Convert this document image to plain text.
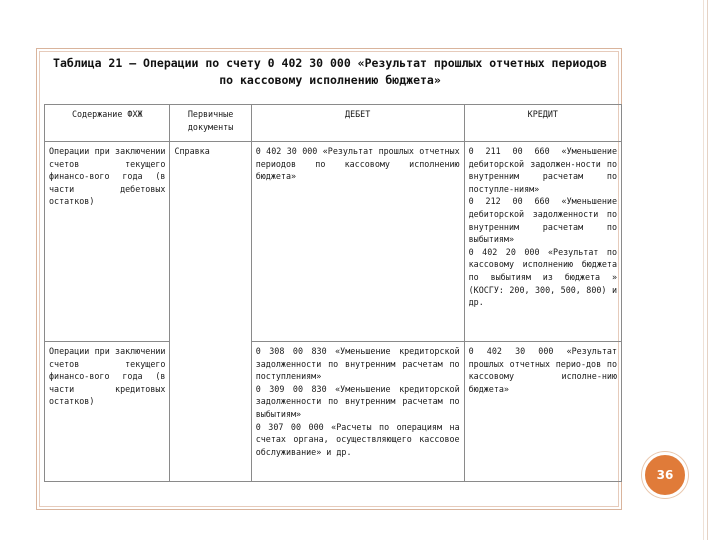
Таблица 21 – Операции по счету 0 402 30 000 «Результат прошлых отчетных периодов по кассовому исполнению бюджета»
Содержание ФХЖ	Первичные документы	ДЕБЕТ	КРЕДИТ
Операции при заключении счетов текущего финансо-вого года (в части дебетовых остатков)	Справка	0 402 30 000 «Результат прошлых отчетных периодов по кассовому исполнению бюджета»	0 211 00 660 «Уменьшение дебиторской задолжен-ности по внутренним расчетам по поступле-ниям»
0 212 00 660 «Уменьшение дебиторской задолженности по внутренним расчетам по выбытиям»
0 402 20 000 «Результат по кассовому исполнению бюджета по выбытиям из бюджета » (КОСГУ: 200, 300, 500, 800) и др.

Операции при заключении счетов текущего финансо-вого года (в части кредитовых остатков)		0 308 00 830 «Уменьшение кредиторской задолженности по внутренним расчетам по поступлениям»
0 309 00 830 «Уменьшение кредиторской задолженности по внутренним расчетам по выбытиям»
0 307 00 000 «Расчеты по операциям на счетах органа, осуществляющего кассовое обслуживание» и др.	0 402 30 000 «Результат прошлых отчетных перио-дов по кассовому исполне-нию бюджета»
36
